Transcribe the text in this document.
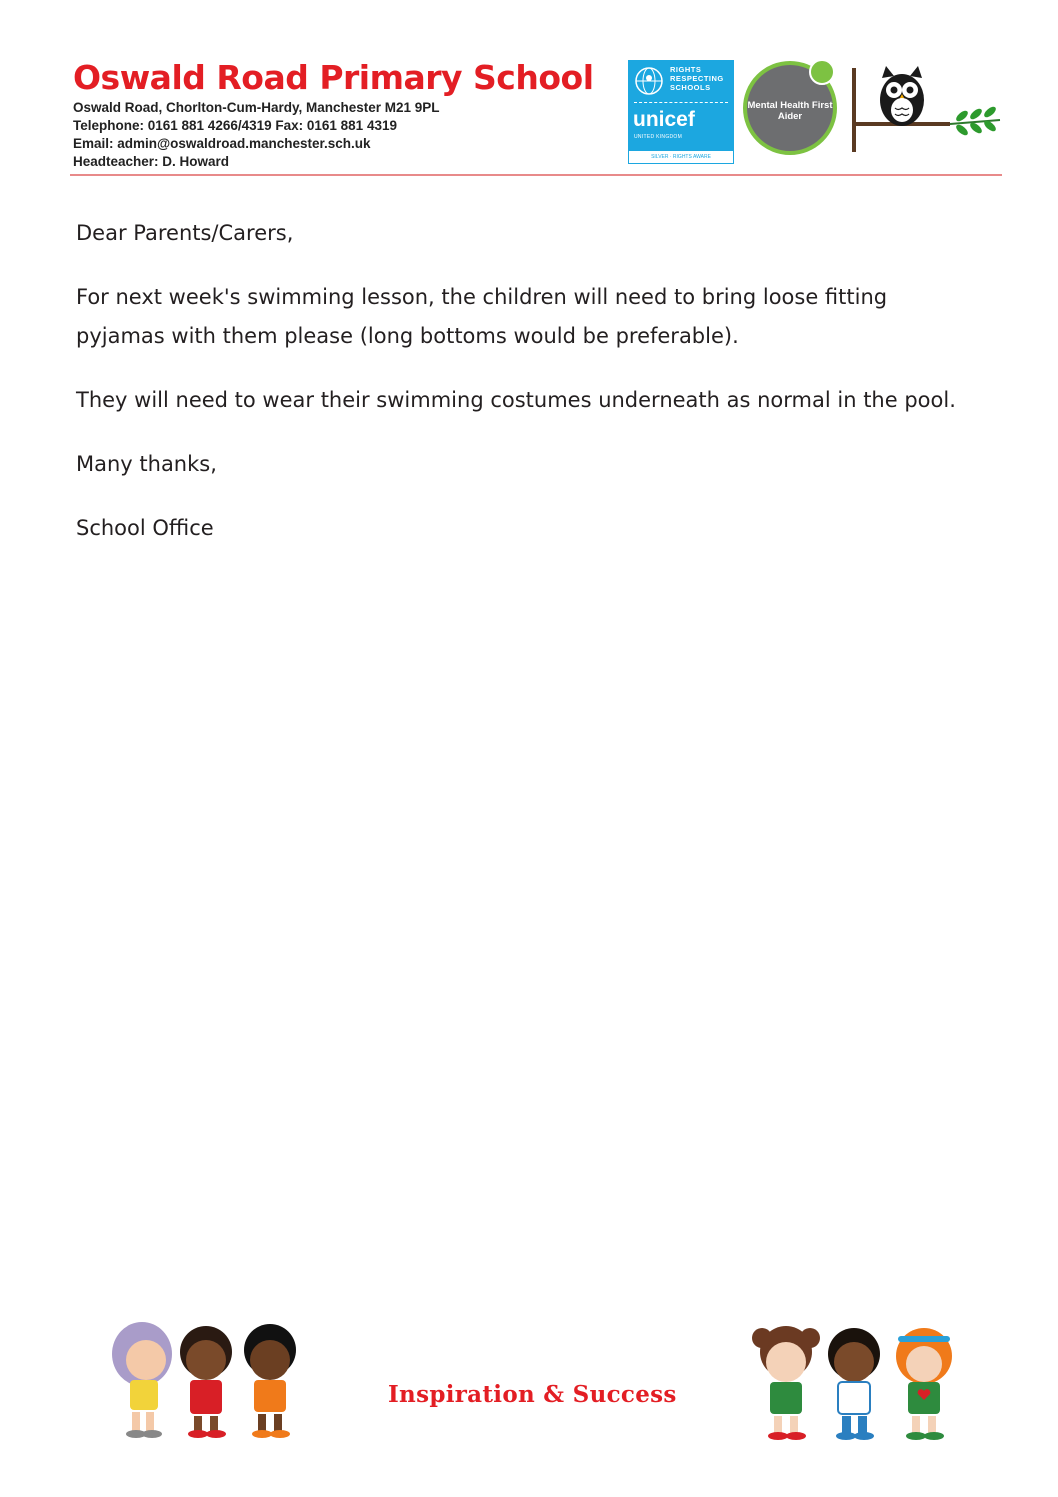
Oswald Road Primary School
Oswald Road, Chorlton-Cum-Hardy, Manchester M21 9PL
Telephone: 0161 881 4266/4319 Fax: 0161 881 4319
Email: admin@oswaldroad.manchester.sch.uk
Headteacher: D. Howard
RIGHTS RESPECTING SCHOOLS
unicef
UNITED KINGDOM
SILVER · RIGHTS AWARE
Mental Health First Aider

Dear Parents/Carers,

For next week's swimming lesson, the children will need to bring loose fitting pyjamas with them please (long bottoms would be preferable).

They will need to wear their swimming costumes underneath as normal in the pool.

Many thanks,

School Office

Inspiration & Success
